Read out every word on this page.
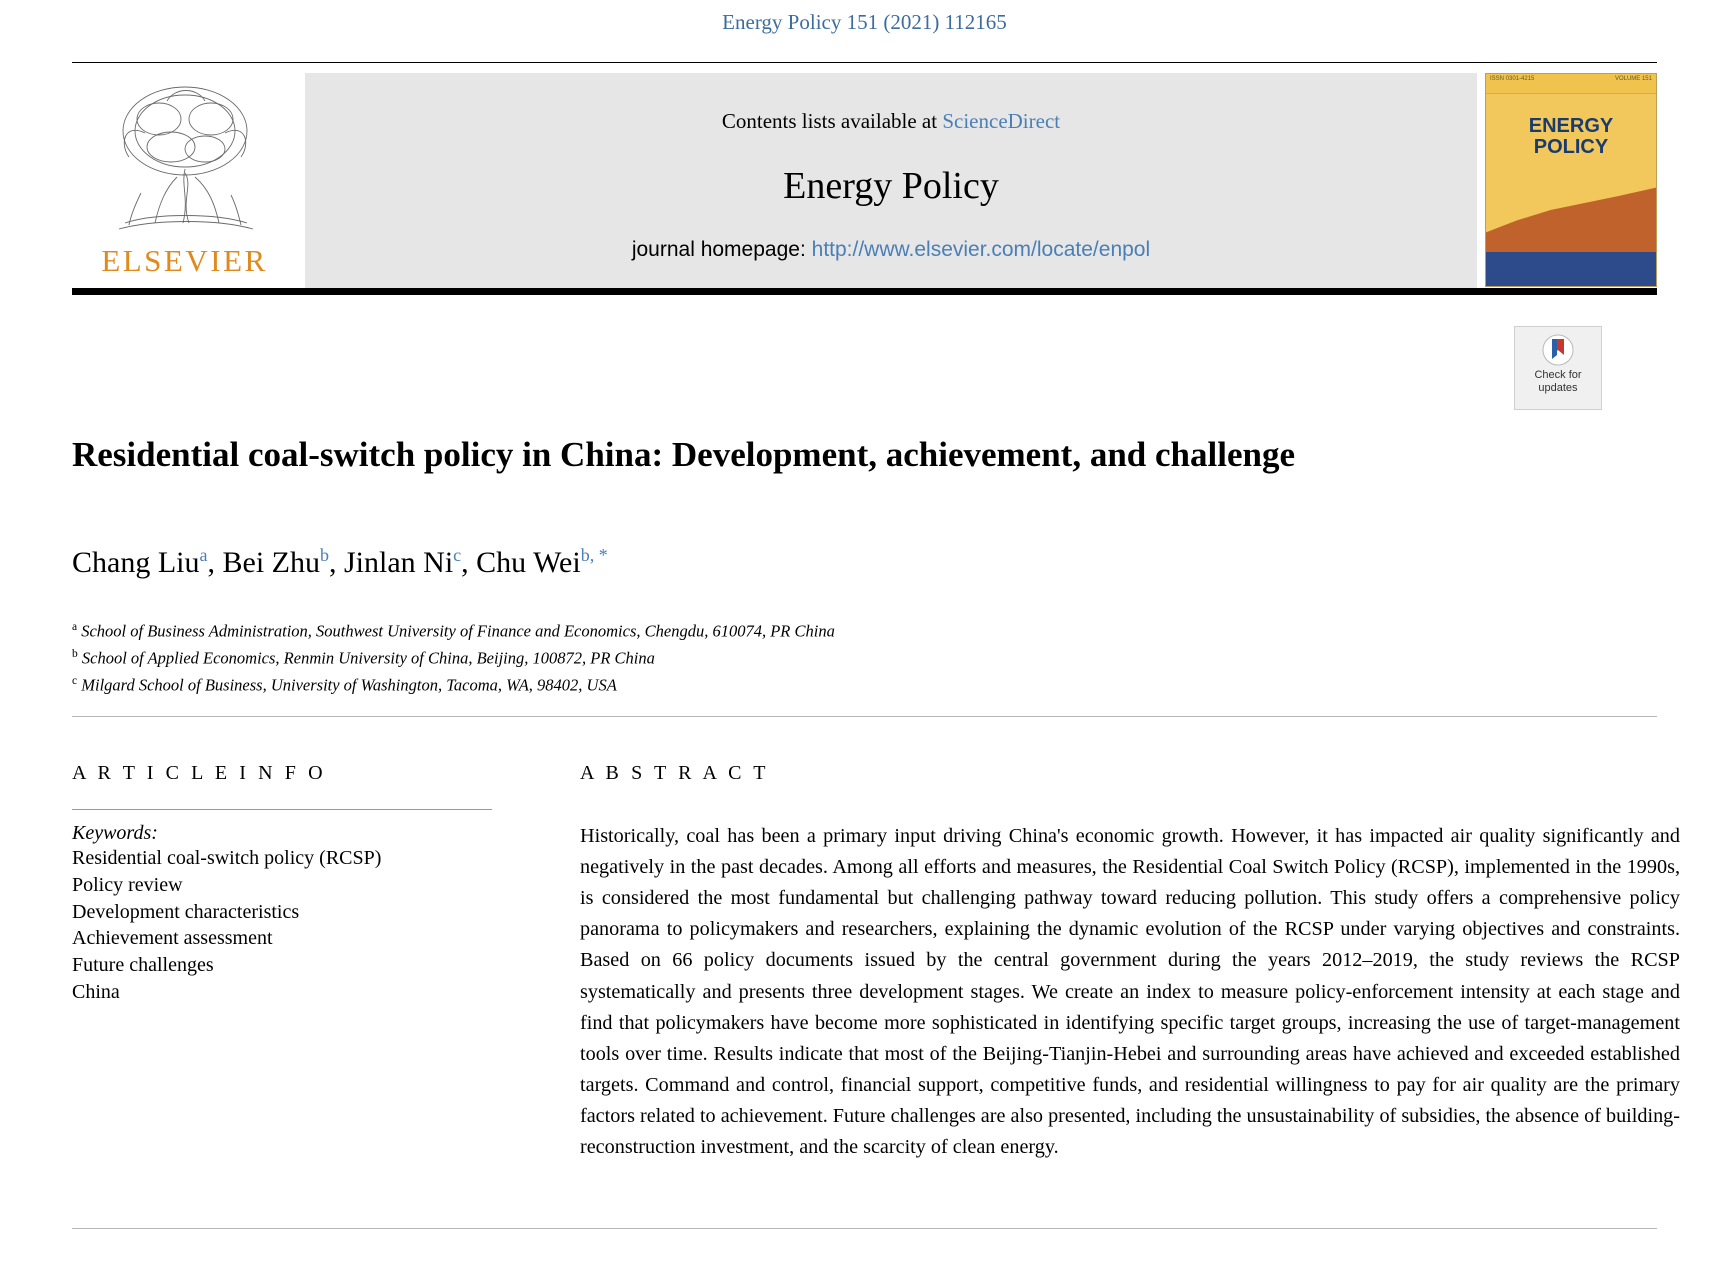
Energy Policy 151 (2021) 112165
ELSEVIER
Contents lists available at ScienceDirect
Energy Policy
journal homepage: http://www.elsevier.com/locate/enpol
ISSN 0301-4215	VOLUME 151
ENERGY
POLICY
Check for
updates
Residential coal-switch policy in China: Development, achievement, and challenge
Chang Liu$^a$, Bei Zhu$^b$, Jinlan Ni$^c$, Chu Wei$^{b, *}$
$^a$ School of Business Administration, Southwest University of Finance and Economics, Chengdu, 610074, PR China
$^b$ School of Applied Economics, Renmin University of China, Beijing, 100872, PR China
$^c$ Milgard School of Business, University of Washington, Tacoma, WA, 98402, USA
A R T I C L E I N F O
Keywords:
Residential coal-switch policy (RCSP)
Policy review
Development characteristics
Achievement assessment
Future challenges
China
A B S T R A C T
Historically, coal has been a primary input driving China's economic growth. However, it has impacted air quality significantly and negatively in the past decades. Among all efforts and measures, the Residential Coal Switch Policy (RCSP), implemented in the 1990s, is considered the most fundamental but challenging pathway toward reducing pollution. This study offers a comprehensive policy panorama to policymakers and researchers, explaining the dynamic evolution of the RCSP under varying objectives and constraints. Based on 66 policy documents issued by the central government during the years 2012–2019, the study reviews the RCSP systematically and presents three development stages. We create an index to measure policy-enforcement intensity at each stage and find that policymakers have become more sophisticated in identifying specific target groups, increasing the use of target-management tools over time. Results indicate that most of the Beijing-Tianjin-Hebei and surrounding areas have achieved and exceeded established targets. Command and control, financial support, competitive funds, and residential willingness to pay for air quality are the primary factors related to achievement. Future challenges are also presented, including the unsustainability of subsidies, the absence of building-reconstruction investment, and the scarcity of clean energy.
